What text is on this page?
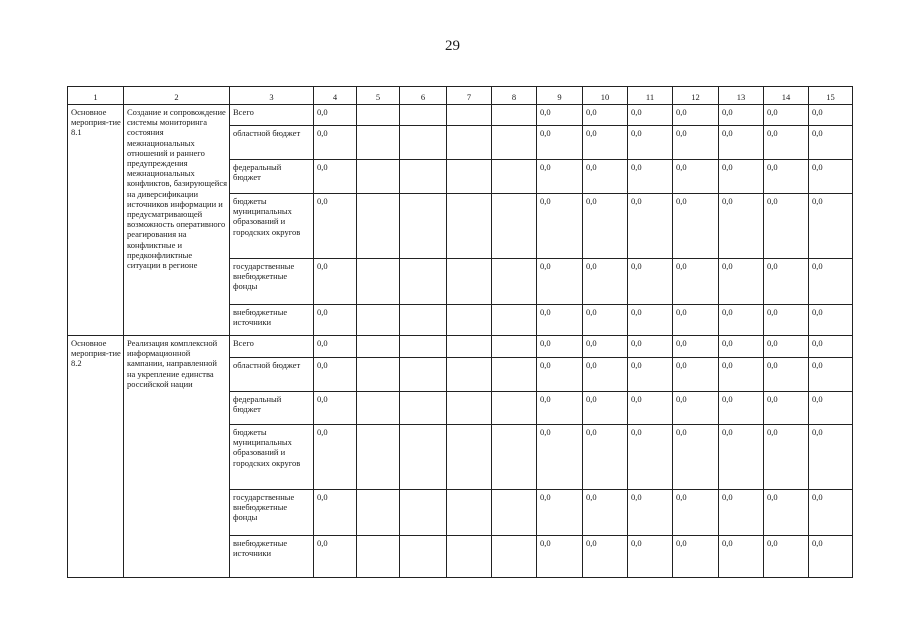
29
1	2	3	4	5	6	7	8	9	10	11	12	13	14	15
Основное мероприя-тие 8.1	Создание и сопровождение системы мониторинга состояния межнациональных отношений и раннего предупреждения межнациональных конфликтов, базирующейся на диверсификации источников информации и предусматривающей возможность оперативного реагирования на конфликтные и предконфликтные ситуации в регионе	Всего	0,0					0,0	0,0	0,0	0,0	0,0	0,0	0,0
		областной бюджет	0,0					0,0	0,0	0,0	0,0	0,0	0,0	0,0
		федеральный бюджет	0,0					0,0	0,0	0,0	0,0	0,0	0,0	0,0
		бюджеты муниципальных образований и городских округов	0,0					0,0	0,0	0,0	0,0	0,0	0,0	0,0
		государственные внебюджетные фонды	0,0					0,0	0,0	0,0	0,0	0,0	0,0	0,0
		внебюджетные источники	0,0					0,0	0,0	0,0	0,0	0,0	0,0	0,0
Основное мероприя-тие 8.2	Реализация комплексной информационной кампании, направленной на укрепление единства российской нации	Всего	0,0					0,0	0,0	0,0	0,0	0,0	0,0	0,0
		областной бюджет	0,0					0,0	0,0	0,0	0,0	0,0	0,0	0,0
		федеральный бюджет	0,0					0,0	0,0	0,0	0,0	0,0	0,0	0,0
		бюджеты муниципальных образований и городских округов	0,0					0,0	0,0	0,0	0,0	0,0	0,0	0,0
		государственные внебюджетные фонды	0,0					0,0	0,0	0,0	0,0	0,0	0,0	0,0
		внебюджетные источники	0,0					0,0	0,0	0,0	0,0	0,0	0,0	0,0
